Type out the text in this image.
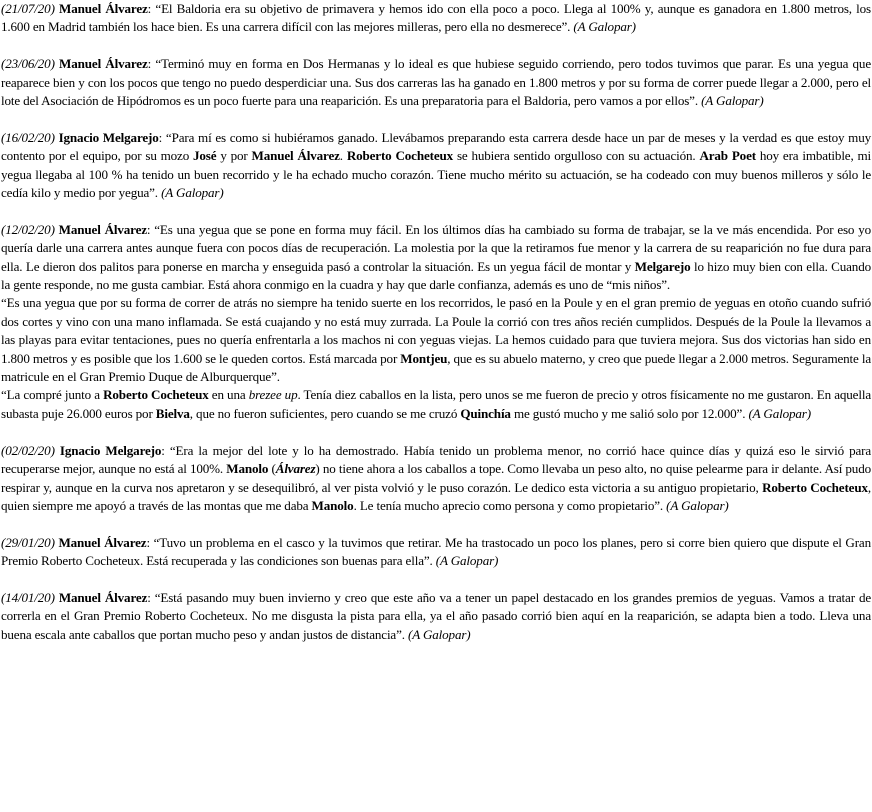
(21/07/20) Manuel Álvarez: “El Baldoria era su objetivo de primavera y hemos ido con ella poco a poco. Llega al 100% y, aunque es ganadora en 1.800 metros, los 1.600 en Madrid también los hace bien. Es una carrera difícil con las mejores milleras, pero ella no desmerece”. (A Galopar)

(23/06/20) Manuel Álvarez: “Terminó muy en forma en Dos Hermanas y lo ideal es que hubiese seguido corriendo, pero todos tuvimos que parar. Es una yegua que reaparece bien y con los pocos que tengo no puedo desperdiciar una. Sus dos carreras las ha ganado en 1.800 metros y por su forma de correr puede llegar a 2.000, pero el lote del Asociación de Hipódromos es un poco fuerte para una reaparición. Es una preparatoria para el Baldoria, pero vamos a por ellos”. (A Galopar)

(16/02/20) Ignacio Melgarejo: “Para mí es como si hubiéramos ganado. Llevábamos preparando esta carrera desde hace un par de meses y la verdad es que estoy muy contento por el equipo, por su mozo José y por Manuel Álvarez. Roberto Cocheteux se hubiera sentido orgulloso con su actuación. Arab Poet hoy era imbatible, mi yegua llegaba al 100 % ha tenido un buen recorrido y le ha echado mucho corazón. Tiene mucho mérito su actuación, se ha codeado con muy buenos milleros y sólo le cedía kilo y medio por yegua”. (A Galopar)

(12/02/20) Manuel Álvarez: “Es una yegua que se pone en forma muy fácil. En los últimos días ha cambiado su forma de trabajar, se la ve más encendida. Por eso yo quería darle una carrera antes aunque fuera con pocos días de recuperación. La molestia por la que la retiramos fue menor y la carrera de su reaparición no fue dura para ella. Le dieron dos palitos para ponerse en marcha y enseguida pasó a controlar la situación. Es un yegua fácil de montar y Melgarejo lo hizo muy bien con ella. Cuando la gente responde, no me gusta cambiar. Está ahora conmigo en la cuadra y hay que darle confianza, además es uno de “mis niños”.

“Es una yegua que por su forma de correr de atrás no siempre ha tenido suerte en los recorridos, le pasó en la Poule y en el gran premio de yeguas en otoño cuando sufrió dos cortes y vino con una mano inflamada. Se está cuajando y no está muy zurrada. La Poule la corrió con tres años recién cumplidos. Después de la Poule la llevamos a las playas para evitar tentaciones, pues no quería enfrentarla a los machos ni con yeguas viejas. La hemos cuidado para que tuviera mejora. Sus dos victorias han sido en 1.800 metros y es posible que los 1.600 se le queden cortos. Está marcada por Montjeu, que es su abuelo materno, y creo que puede llegar a 2.000 metros. Seguramente la matricule en el Gran Premio Duque de Alburquerque”.

“La compré junto a Roberto Cocheteux en una brezee up. Tenía diez caballos en la lista, pero unos se me fueron de precio y otros físicamente no me gustaron. En aquella subasta puje 26.000 euros por Bielva, que no fueron suficientes, pero cuando se me cruzó Quinchía me gustó mucho y me salió solo por 12.000”. (A Galopar)

(02/02/20) Ignacio Melgarejo: “Era la mejor del lote y lo ha demostrado. Había tenido un problema menor, no corrió hace quince días y quizá eso le sirvió para recuperarse mejor, aunque no está al 100%. Manolo (Álvarez) no tiene ahora a los caballos a tope. Como llevaba un peso alto, no quise pelearme para ir delante. Así pudo respirar y, aunque en la curva nos apretaron y se desequilibró, al ver pista volvió y le puso corazón. Le dedico esta victoria a su antiguo propietario, Roberto Cocheteux, quien siempre me apoyó a través de las montas que me daba Manolo. Le tenía mucho aprecio como persona y como propietario”. (A Galopar)

(29/01/20) Manuel Álvarez: “Tuvo un problema en el casco y la tuvimos que retirar. Me ha trastocado un poco los planes, pero si corre bien quiero que dispute el Gran Premio Roberto Cocheteux. Está recuperada y las condiciones son buenas para ella”. (A Galopar)

(14/01/20) Manuel Álvarez: “Está pasando muy buen invierno y creo que este año va a tener un papel destacado en los grandes premios de yeguas. Vamos a tratar de correrla en el Gran Premio Roberto Cocheteux. No me disgusta la pista para ella, ya el año pasado corrió bien aquí en la reaparición, se adapta bien a todo. Lleva una buena escala ante caballos que portan mucho peso y andan justos de distancia”. (A Galopar)
